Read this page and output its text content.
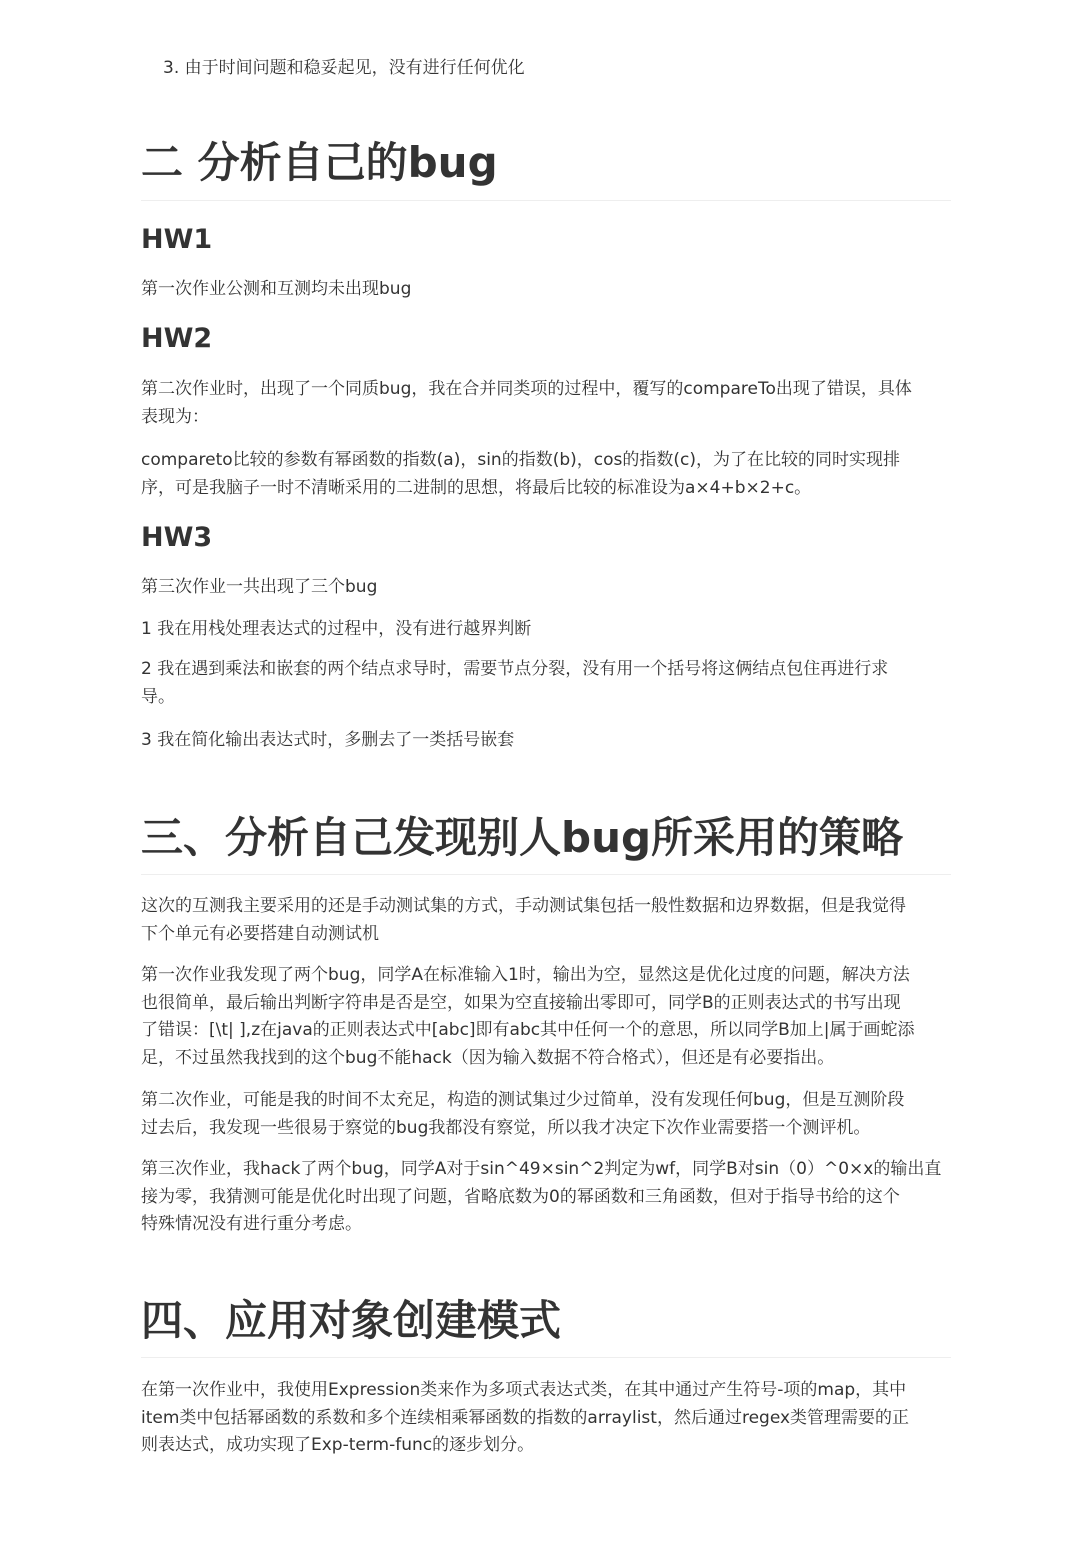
3. 由于时间问题和稳妥起见，没有进行任何优化
二 分析自己的bug
HW1

第一次作业公测和互测均未出现bug

HW2

第二次作业时，出现了一个同质bug，我在合并同类项的过程中，覆写的compareTo出现了错误，具体
表现为：

compareto比较的参数有幂函数的指数(a)，sin的指数(b)，cos的指数(c)，为了在比较的同时实现排
序，可是我脑子一时不清晰采用的二进制的思想，将最后比较的标准设为a×4+b×2+c。

HW3

第三次作业一共出现了三个bug

1 我在用栈处理表达式的过程中，没有进行越界判断

2 我在遇到乘法和嵌套的两个结点求导时，需要节点分裂，没有用一个括号将这俩结点包住再进行求
导。

3 我在简化输出表达式时，多删去了一类括号嵌套

三、分析自己发现别人bug所采用的策略

这次的互测我主要采用的还是手动测试集的方式，手动测试集包括一般性数据和边界数据，但是我觉得
下个单元有必要搭建自动测试机

第一次作业我发现了两个bug，同学A在标准输入1时，输出为空，显然这是优化过度的问题，解决方法
也很简单，最后输出判断字符串是否是空，如果为空直接输出零即可，同学B的正则表达式的书写出现
了错误：[\t| ],z在java的正则表达式中[abc]即有abc其中任何一个的意思，所以同学B加上|属于画蛇添
足，不过虽然我找到的这个bug不能hack（因为输入数据不符合格式），但还是有必要指出。

第二次作业，可能是我的时间不太充足，构造的测试集过少过简单，没有发现任何bug，但是互测阶段
过去后，我发现一些很易于察觉的bug我都没有察觉，所以我才决定下次作业需要搭一个测评机。

第三次作业，我hack了两个bug，同学A对于sin^49×sin^2判定为wf，同学B对sin（0）^0×x的输出直
接为零，我猜测可能是优化时出现了问题，省略底数为0的幂函数和三角函数，但对于指导书给的这个
特殊情况没有进行重分考虑。

四、应用对象创建模式

在第一次作业中，我使用Expression类来作为多项式表达式类，在其中通过产生符号-项的map，其中
item类中包括幂函数的系数和多个连续相乘幂函数的指数的arraylist，然后通过regex类管理需要的正
则表达式，成功实现了Exp-term-func的逐步划分。
